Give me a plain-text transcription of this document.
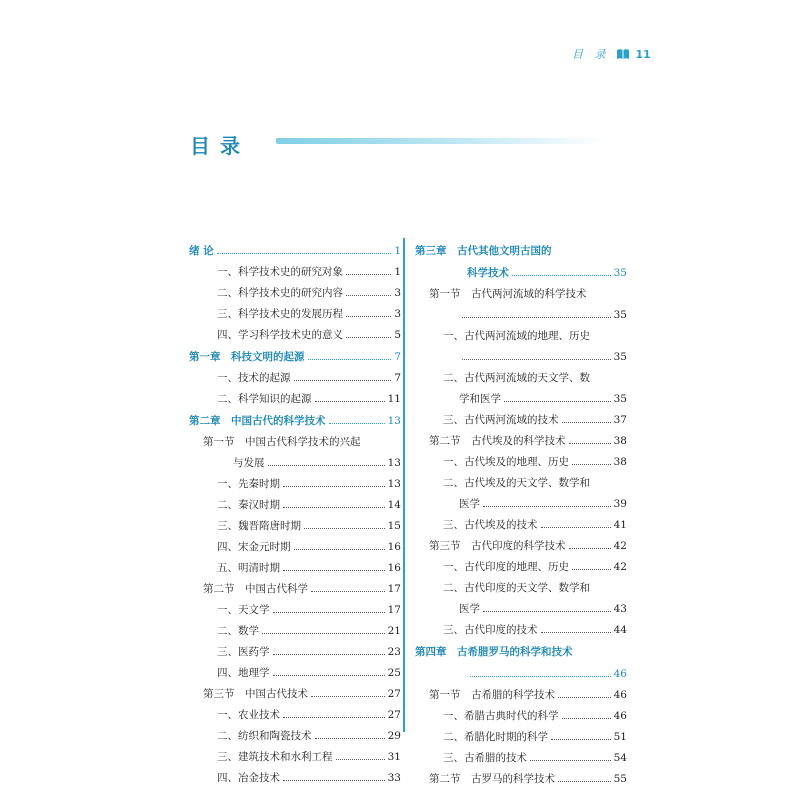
目 录 11
目录
绪 论	1
一、科学技术史的研究对象	1
二、科学技术史的研究内容	3
三、科学技术史的发展历程	3
四、学习科学技术史的意义	5
第一章　科技文明的起源	7
一、技术的起源	7
二、科学知识的起源	11
第二章　中国古代的科学技术	13
第一节　中国古代科学技术的兴起
与发展	13
一、先秦时期	13
二、秦汉时期	14
三、魏晋隋唐时期	15
四、宋金元时期	16
五、明清时期	16
第二节　中国古代科学	17
一、天文学	17
二、数学	21
三、医药学	23
四、地理学	25
第三节　中国古代技术	27
一、农业技术	27
二、纺织和陶瓷技术	29
三、建筑技术和水利工程	31
四、冶金技术	33
第三章　古代其他文明古国的
科学技术	35
第一节　古代两河流域的科学技术
35
一、古代两河流域的地理、历史
35
二、古代两河流域的天文学、数
学和医学	35
三、古代两河流域的技术	37
第二节　古代埃及的科学技术	38
一、古代埃及的地理、历史	38
二、古代埃及的天文学、数学和
医学	39
三、古代埃及的技术	41
第三节　古代印度的科学技术	42
一、古代印度的地理、历史	42
二、古代印度的天文学、数学和
医学	43
三、古代印度的技术	44
第四章　古希腊罗马的科学和技术
46
第一节　古希腊的科学技术	46
一、希腊古典时代的科学	46
二、希腊化时期的科学	51
三、古希腊的技术	54
第二节　古罗马的科学技术	55
